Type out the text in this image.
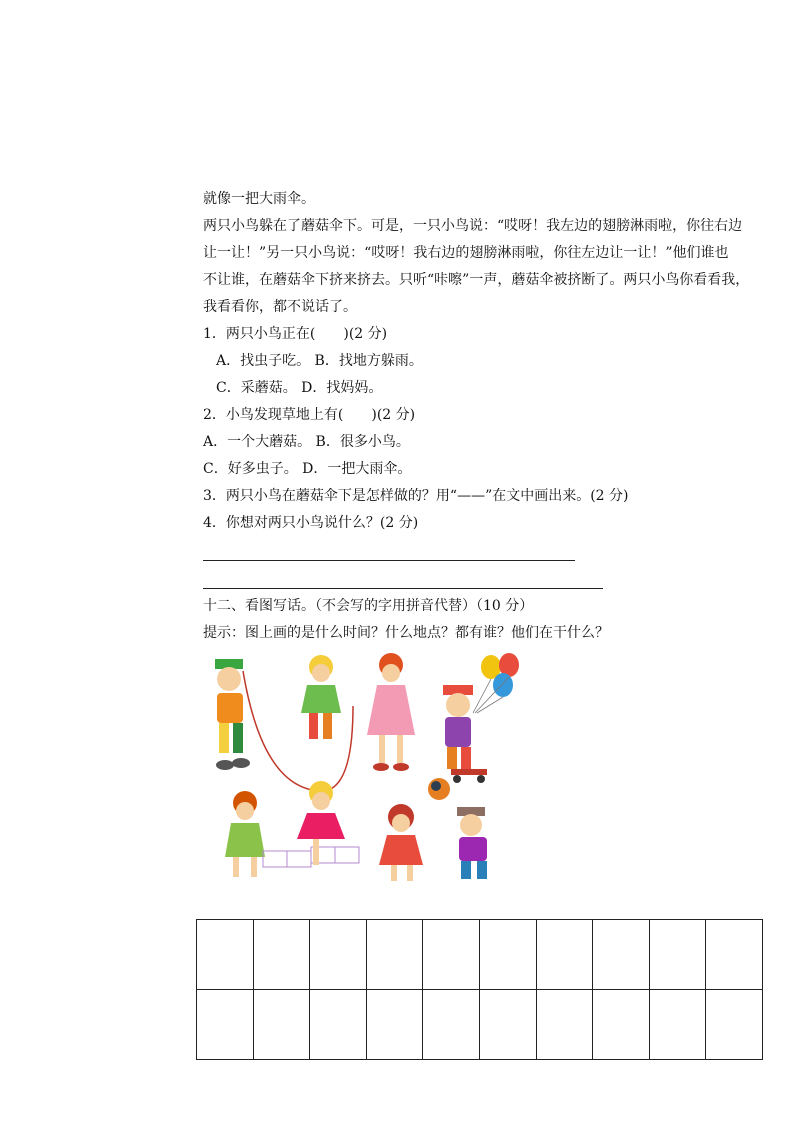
就像一把大雨伞。
两只小鸟躲在了蘑菇伞下。可是，一只小鸟说：“哎呀！我左边的翅膀淋雨啦，你往右边
让一让！”另一只小鸟说：“哎呀！我右边的翅膀淋雨啦，你往左边让一让！”他们谁也
不让谁，在蘑菇伞下挤来挤去。只听“咔嚓”一声，蘑菇伞被挤断了。两只小鸟你看看我，
我看看你，都不说话了。
1．两只小鸟正在(　　)(2 分)
A．找虫子吃。 B．找地方躲雨。
C．采蘑菇。 D．找妈妈。
2．小鸟发现草地上有(　　)(2 分)
A．一个大蘑菇。 B．很多小鸟。
C．好多虫子。 D．一把大雨伞。
3．两只小鸟在蘑菇伞下是怎样做的？用“——”在文中画出来。(2 分)
4．你想对两只小鸟说什么？(2 分)
十二、看图写话。（不会写的字用拼音代替）（10 分）
提示：图上画的是什么时间？什么地点？都有谁？他们在干什么？
